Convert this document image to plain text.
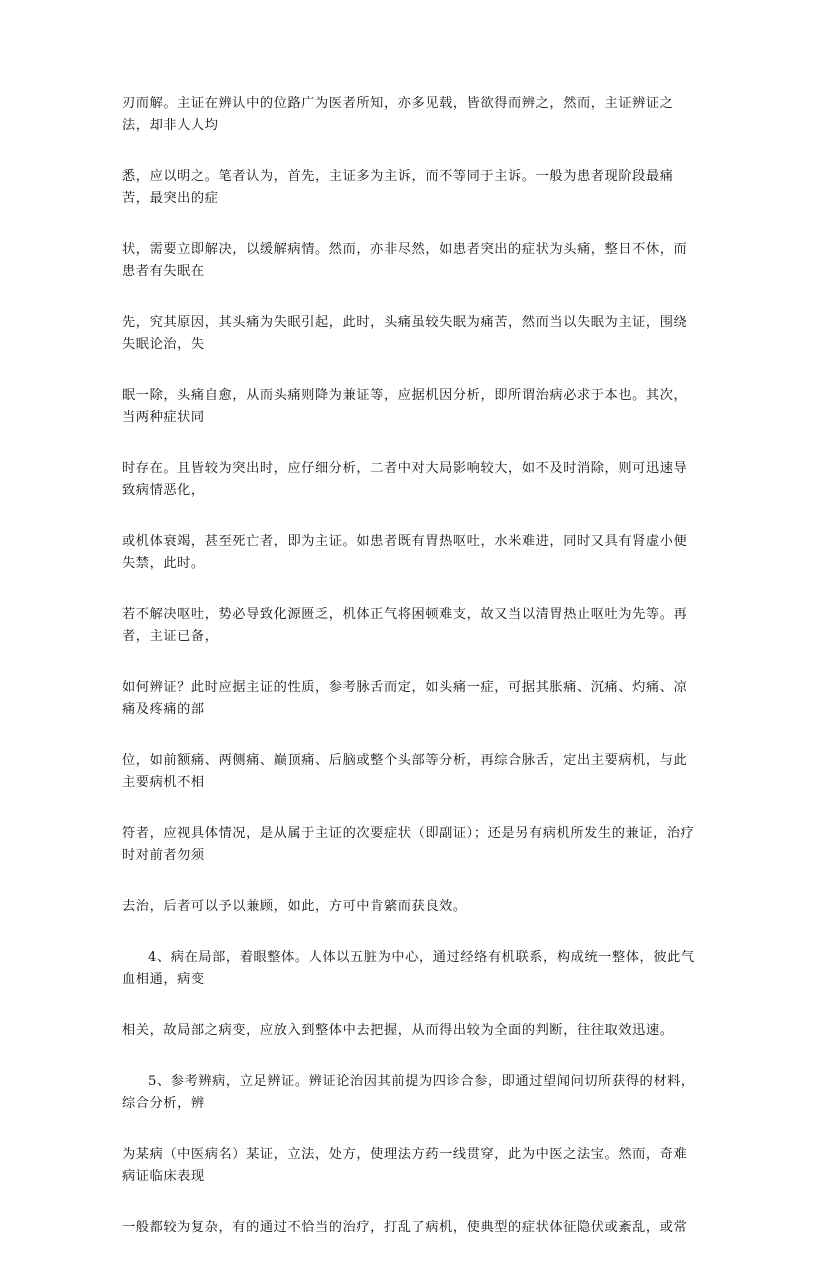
刃而解。主证在辨认中的位路广为医者所知，亦多见载，皆欲得而辨之，然而，主证辨证之法，却非人人均

悉，应以明之。笔者认为，首先，主证多为主诉，而不等同于主诉。一般为患者现阶段最痛苦，最突出的症

状，需要立即解决，以缓解病情。然而，亦非尽然，如患者突出的症状为头痛，整日不休，而患者有失眠在

先，究其原因，其头痛为失眠引起，此时，头痛虽较失眠为痛苦，然而当以失眠为主证，围绕失眠论治，失

眠一除，头痛自愈，从而头痛则降为兼证等，应据机因分析，即所谓治病必求于本也。其次，当两种症状同

时存在。且皆较为突出时，应仔细分析，二者中对大局影响较大，如不及时消除，则可迅速导致病情恶化，

或机体衰竭，甚至死亡者，即为主证。如患者既有胃热呕吐，水米难进，同时又具有肾虚小便失禁，此时。

若不解决呕吐，势必导致化源匮乏，机体正气将困顿难支，故又当以清胃热止呕吐为先等。再者，主证已备，

如何辨证？此时应据主证的性质，参考脉舌而定，如头痛一症，可据其胀痛、沉痛、灼痛、凉痛及疼痛的部

位，如前额痛、两侧痛、巅顶痛、后脑或整个头部等分析，再综合脉舌，定出主要病机，与此主要病机不相

符者，应视具体情况，是从属于主证的次要症状（即副证）；还是另有病机所发生的兼证，治疗时对前者勿须

去治，后者可以予以兼顾，如此，方可中肯綮而获良效。

4、病在局部，着眼整体。人体以五脏为中心，通过经络有机联系，构成统一整体，彼此气血相通，病变

相关，故局部之病变，应放入到整体中去把握，从而得出较为全面的判断，往往取效迅速。

5、参考辨病，立足辨证。辨证论治因其前提为四诊合参，即通过望闻问切所获得的材料，综合分析，辨

为某病（中医病名）某证，立法，处方，使理法方药一线贯穿，此为中医之法宝。然而，奇难病证临床表现

一般都较为复杂，有的通过不恰当的治疗，打乱了病机，使典型的症状体征隐伏或紊乱，或常
